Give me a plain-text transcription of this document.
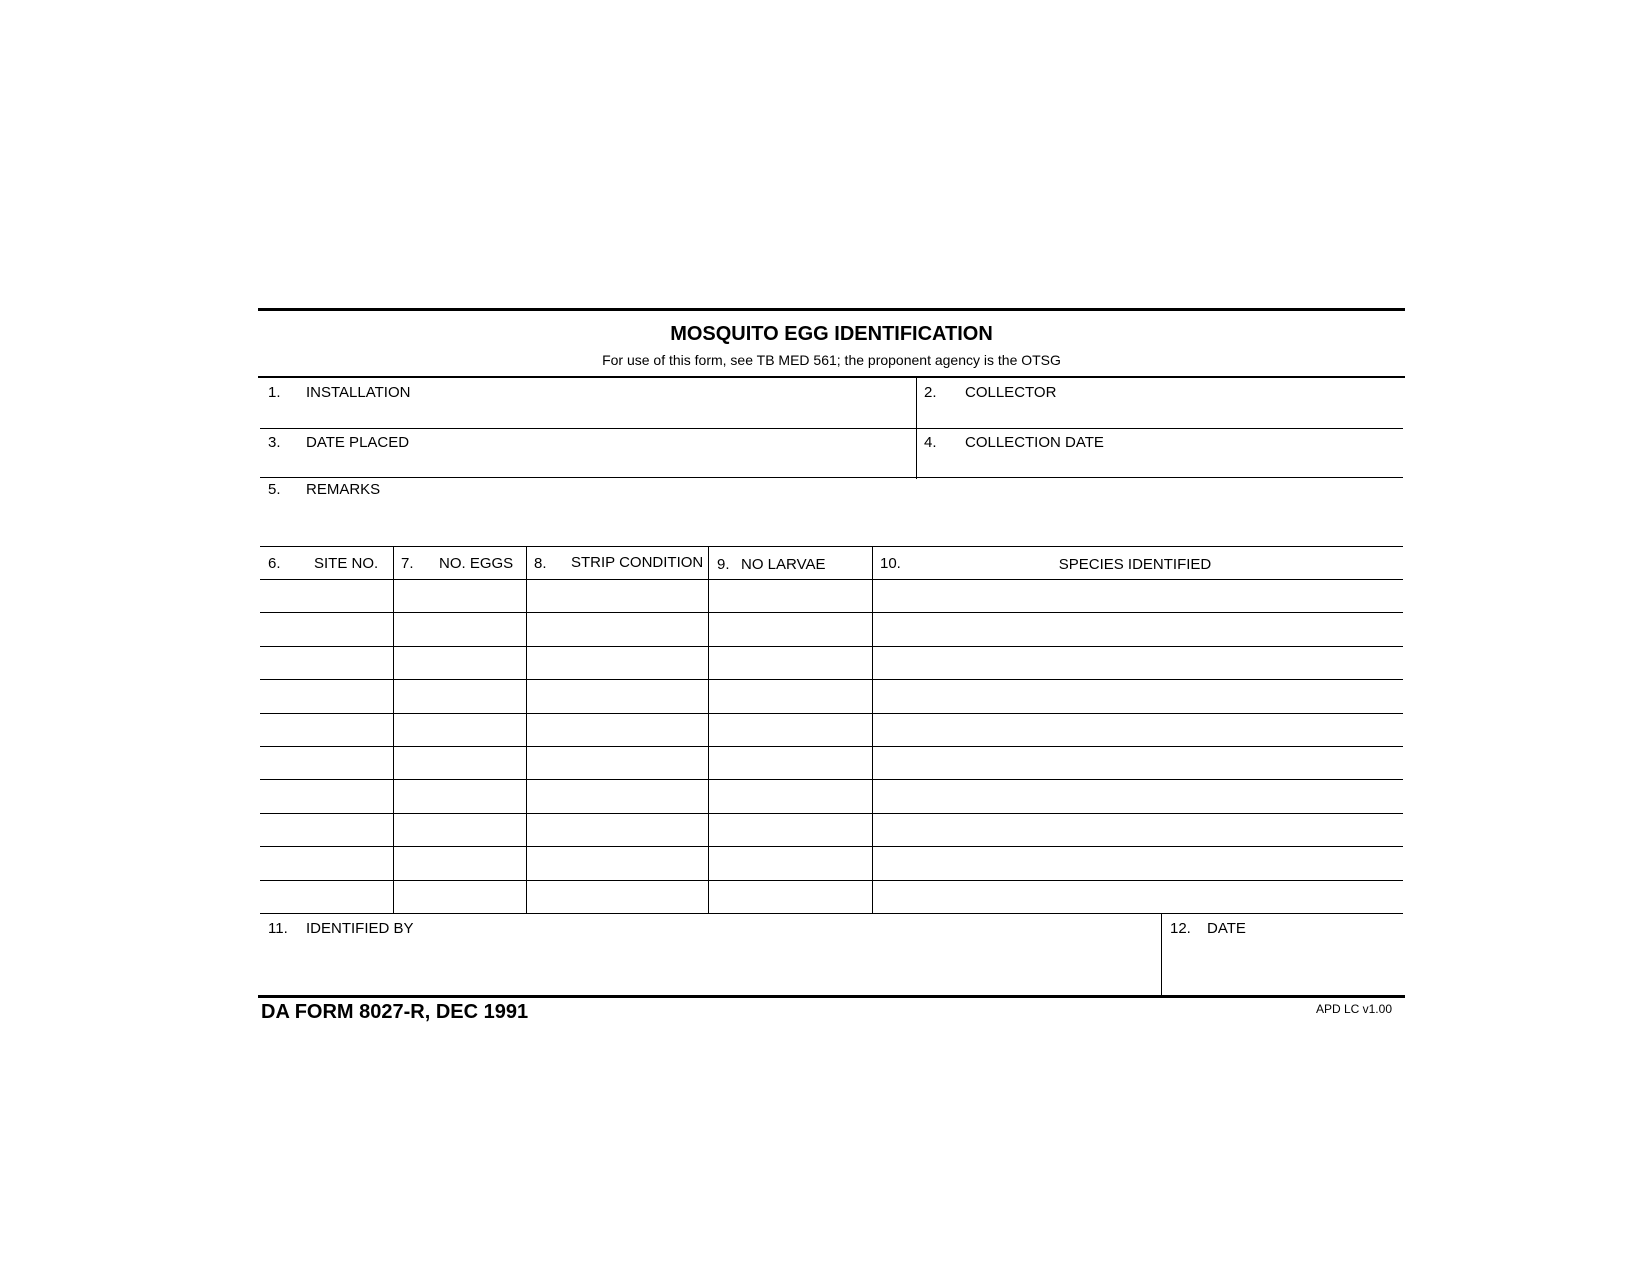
MOSQUITO EGG IDENTIFICATION
For use of this form, see TB MED 561; the proponent agency is the OTSG
1. INSTALLATION	2. COLLECTOR
3. DATE PLACED	4. COLLECTION DATE
5. REMARKS
6. SITE NO. 7. NO. EGGS 8. STRIP CONDITION 9. NO LARVAE	10.	SPECIES IDENTIFIED
11. IDENTIFIED BY	12. DATE
DA FORM 8027-R, DEC 1991	APD LC v1.00
